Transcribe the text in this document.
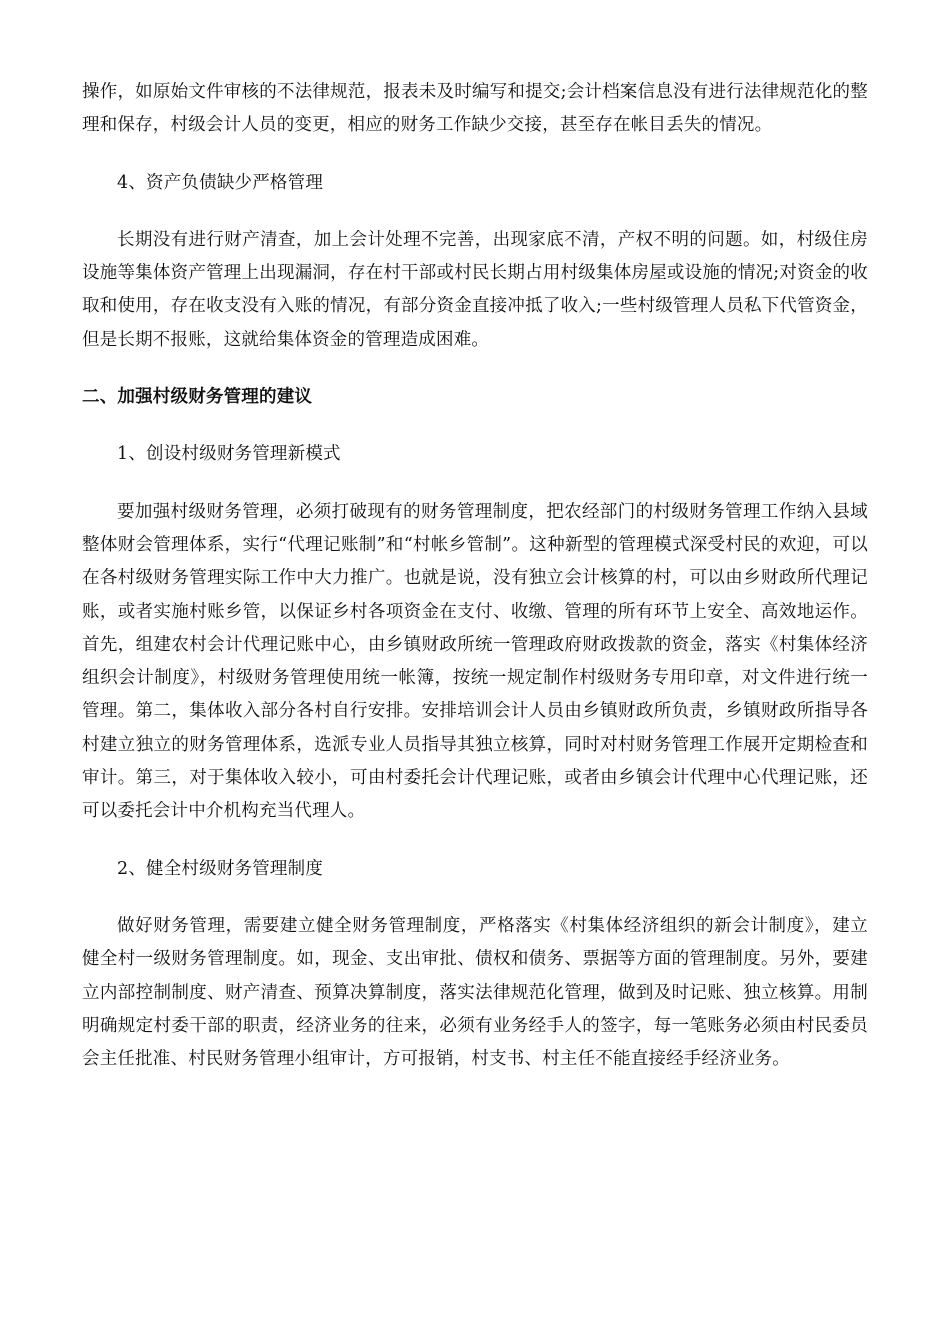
操作，如原始文件审核的不法律规范，报表未及时编写和提交;会计档案信息没有进行法律规范化的整理和保存，村级会计人员的变更，相应的财务工作缺少交接，甚至存在帐目丢失的情况。

4、资产负债缺少严格管理

长期没有进行财产清查，加上会计处理不完善，出现家底不清，产权不明的问题。如，村级住房设施等集体资产管理上出现漏洞，存在村干部或村民长期占用村级集体房屋或设施的情况;对资金的收取和使用，存在收支没有入账的情况，有部分资金直接冲抵了收入;一些村级管理人员私下代管资金，但是长期不报账，这就给集体资金的管理造成困难。

二、加强村级财务管理的建议

1、创设村级财务管理新模式

要加强村级财务管理，必须打破现有的财务管理制度，把农经部门的村级财务管理工作纳入县域整体财会管理体系，实行“代理记账制”和“村帐乡管制”。这种新型的管理模式深受村民的欢迎，可以在各村级财务管理实际工作中大力推广。也就是说，没有独立会计核算的村，可以由乡财政所代理记账，或者实施村账乡管，以保证乡村各项资金在支付、收缴、管理的所有环节上安全、高效地运作。首先，组建农村会计代理记账中心，由乡镇财政所统一管理政府财政拨款的资金，落实《村集体经济组织会计制度》，村级财务管理使用统一帐簿，按统一规定制作村级财务专用印章，对文件进行统一管理。第二，集体收入部分各村自行安排。安排培训会计人员由乡镇财政所负责，乡镇财政所指导各村建立独立的财务管理体系，选派专业人员指导其独立核算，同时对村财务管理工作展开定期检查和审计。第三，对于集体收入较小，可由村委托会计代理记账，或者由乡镇会计代理中心代理记账，还可以委托会计中介机构充当代理人。

2、健全村级财务管理制度

做好财务管理，需要建立健全财务管理制度，严格落实《村集体经济组织的新会计制度》，建立健全村一级财务管理制度。如，现金、支出审批、债权和债务、票据等方面的管理制度。另外，要建立内部控制制度、财产清查、预算决算制度，落实法律规范化管理，做到及时记账、独立核算。用制明确规定村委干部的职责，经济业务的往来，必须有业务经手人的签字，每一笔账务必须由村民委员会主任批准、村民财务管理小组审计，方可报销，村支书、村主任不能直接经手经济业务。
